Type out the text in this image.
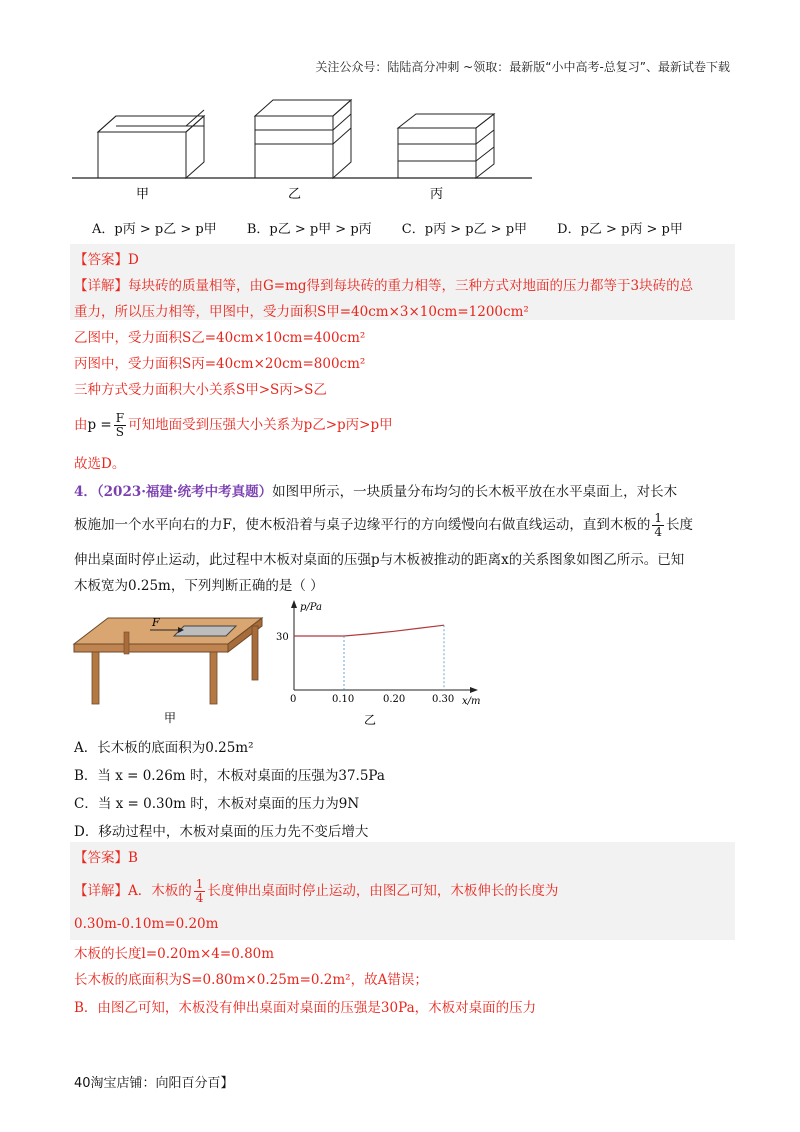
关注公众号：陆陆高分冲刺 ~领取：最新版“小中高考-总复习”、最新试卷下载
甲	乙	丙
A．p丙 > p乙 > p甲 B．p乙 > p甲 > p丙 C．p丙 > p乙 > p甲 D．p乙 > p丙 > p甲
【答案】D
【详解】每块砖的质量相等，由G=mg得到每块砖的重力相等，三种方式对地面的压力都等于3块砖的总
重力，所以压力相等，甲图中，受力面积S甲=40cm×3×10cm=1200cm²
乙图中，受力面积S乙=40cm×10cm=400cm²
丙图中，受力面积S丙=40cm×20cm=800cm²
三种方式受力面积大小关系S甲>S丙>S乙
由$p = \frac{F}{S}$ 可知地面受到压强大小关系为p乙>p丙>p甲
故选D。
4．（2023·福建·统考中考真题）如图甲所示，一块质量分布均匀的长木板平放在水平桌面上，对长木
板施加一个水平向右的力F，使木板沿着与桌子边缘平行的方向缓慢向右做直线运动，直到木板的 $\frac{1}{4}$ 长度
伸出桌面时停止运动，此过程中木板对桌面的压强p与木板被推动的距离x的关系图象如图乙所示。已知
木板宽为0.25m，下列判断正确的是（ ）
F
甲
p/Pa
x/m
30
0	0.10	0.20	0.30
乙
A．长木板的底面积为0.25m²
B．当 x = 0.26m 时，木板对桌面的压强为37.5Pa
C．当 x = 0.30m 时，木板对桌面的压力为9N
D．移动过程中，木板对桌面的压力先不变后增大
【答案】B
【详解】A．木板的 $\frac{1}{4}$ 长度伸出桌面时停止运动，由图乙可知，木板伸长的长度为
0.30m-0.10m=0.20m
木板的长度l=0.20m×4=0.80m
长木板的底面积为S=0.80m×0.25m=0.2m²，故A错误；
B．由图乙可知，木板没有伸出桌面对桌面的压强是30Pa，木板对桌面的压力
40淘宝店铺：向阳百分百】
